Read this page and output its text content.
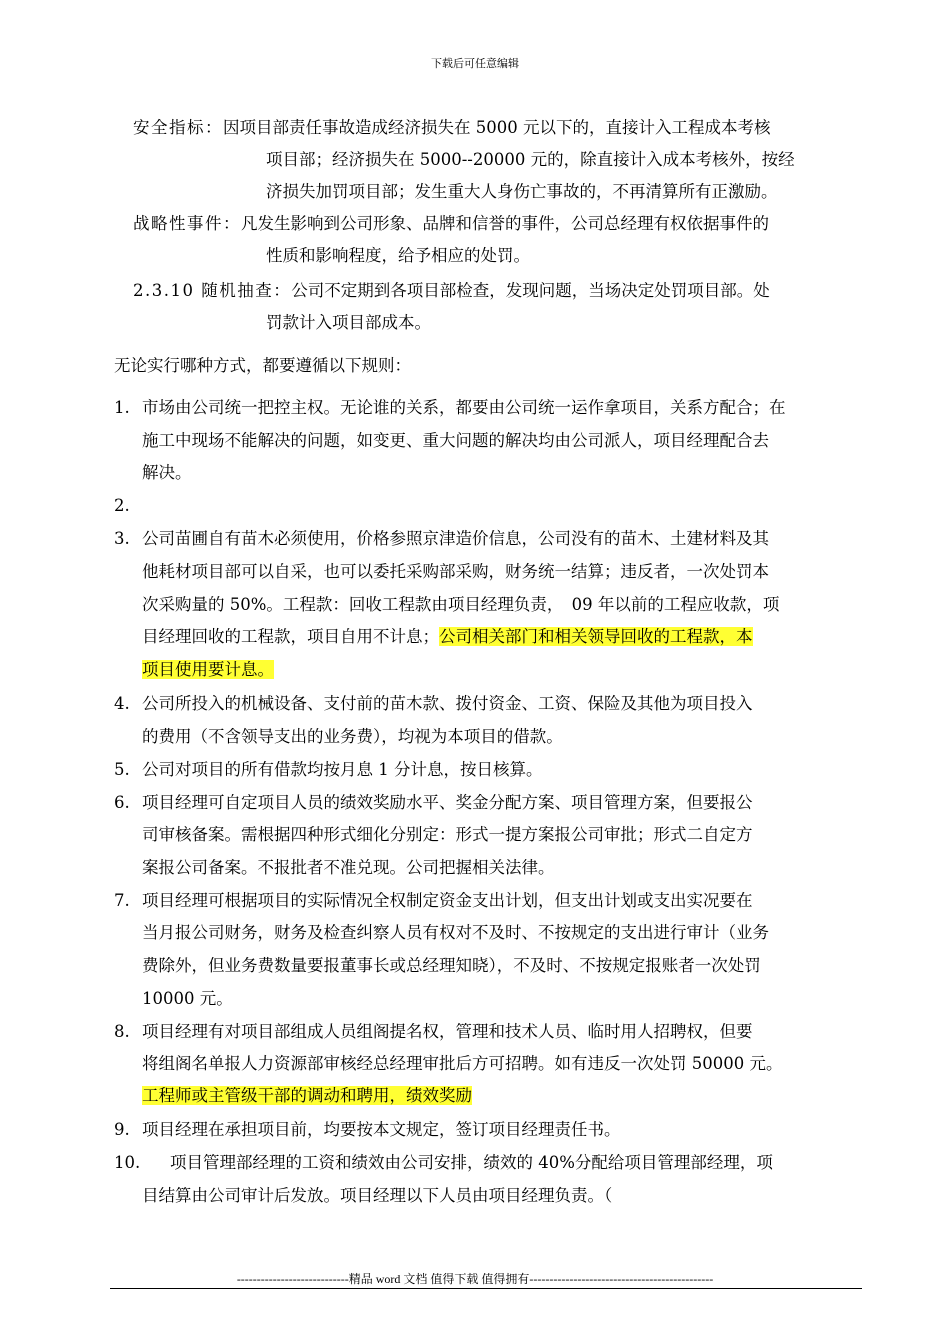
下载后可任意编辑
安全指标：因项目部责任事故造成经济损失在 5000 元以下的，直接计入工程成本考核
项目部；经济损失在 5000--20000 元的，除直接计入成本考核外，按经
济损失加罚项目部；发生重大人身伤亡事故的，不再清算所有正激励。
战略性事件：凡发生影响到公司形象、品牌和信誉的事件，公司总经理有权依据事件的
性质和影响程度，给予相应的处罚。
2.3.10 随机抽查：公司不定期到各项目部检查，发现问题，当场决定处罚项目部。处
罚款计入项目部成本。
无论实行哪种方式，都要遵循以下规则：
1. 市场由公司统一把控主权。无论谁的关系，都要由公司统一运作拿项目，关系方配合；在
施工中现场不能解决的问题，如变更、重大问题的解决均由公司派人，项目经理配合去
解决。
2.
3. 公司苗圃自有苗木必须使用，价格参照京津造价信息，公司没有的苗木、土建材料及其
他耗材项目部可以自采，也可以委托采购部采购，财务统一结算；违反者，一次处罚本
次采购量的 50%。工程款：回收工程款由项目经理负责，　09 年以前的工程应收款，项
目经理回收的工程款，项目自用不计息；公司相关部门和相关领导回收的工程款，本
项目使用要计息。
4. 公司所投入的机械设备、支付前的苗木款、拨付资金、工资、保险及其他为项目投入
的费用（不含领导支出的业务费），均视为本项目的借款。
5. 公司对项目的所有借款均按月息 1 分计息，按日核算。
6. 项目经理可自定项目人员的绩效奖励水平、奖金分配方案、项目管理方案，但要报公
司审核备案。需根据四种形式细化分别定：形式一提方案报公司审批；形式二自定方
案报公司备案。不报批者不准兑现。公司把握相关法律。
7. 项目经理可根据项目的实际情况全权制定资金支出计划，但支出计划或支出实况要在
当月报公司财务，财务及检查纠察人员有权对不及时、不按规定的支出进行审计（业务
费除外，但业务费数量要报董事长或总经理知晓），不及时、不按规定报账者一次处罚
10000 元。
8. 项目经理有对项目部组成人员组阁提名权，管理和技术人员、临时用人招聘权，但要
将组阁名单报人力资源部审核经总经理审批后方可招聘。如有违反一次处罚 50000 元。
工程师或主管级干部的调动和聘用，绩效奖励
9. 项目经理在承担项目前，均要按本文规定，签订项目经理责任书。
10. 项目管理部经理的工资和绩效由公司安排，绩效的 40%分配给项目管理部经理，项
目结算由公司审计后发放。项目经理以下人员由项目经理负责。（
----------------------------精品 word 文档 值得下载 值得拥有----------------------------------------------
